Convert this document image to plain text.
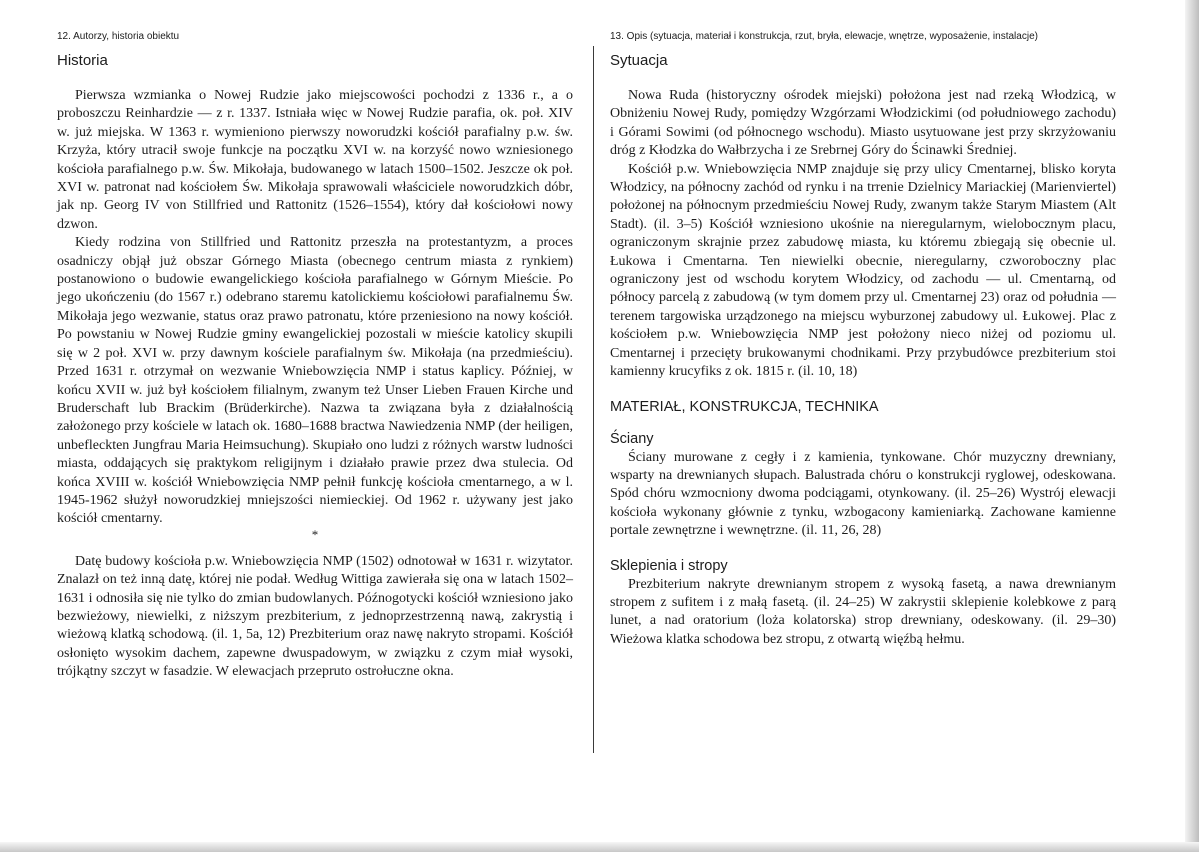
12. Autorzy, historia obiektu
Historia

Pierwsza wzmianka o Nowej Rudzie jako miejscowości pochodzi z 1336 r., a o proboszczu Reinhardzie — z r. 1337. Istniała więc w Nowej Rudzie parafia, ok. poł. XIV w. już miejska. W 1363 r. wymieniono pierwszy noworudzki kościół parafialny p.w. św. Krzyża, który utracił swoje funkcje na początku XVI w. na korzyść nowo wzniesionego kościoła parafialnego p.w. Św. Mikołaja, budowanego w latach 1500–1502. Jeszcze ok poł. XVI w. patronat nad kościołem Św. Mikołaja sprawowali właściciele noworudzkich dóbr, jak np. Georg IV von Stillfried und Rattonitz (1526–1554), który dał kościołowi nowy dzwon.

Kiedy rodzina von Stillfried und Rattonitz przeszła na protestantyzm, a proces osadniczy objął już obszar Górnego Miasta (obecnego centrum miasta z rynkiem) postanowiono o budowie ewangelickiego kościoła parafialnego w Górnym Mieście. Po jego ukończeniu (do 1567 r.) odebrano staremu katolickiemu kościołowi parafialnemu Św. Mikołaja jego wezwanie, status oraz prawo patronatu, które przeniesiono na nowy kościół. Po powstaniu w Nowej Rudzie gminy ewangelickiej pozostali w mieście katolicy skupili się w 2 poł. XVI w. przy dawnym kościele parafialnym św. Mikołaja (na przedmieściu). Przed 1631 r. otrzymał on wezwanie Wniebowzięcia NMP i status kaplicy. Później, w końcu XVII w. już był kościołem filialnym, zwanym też Unser Lieben Frauen Kirche und Bruderschaft lub Brackim (Brüderkirche). Nazwa ta związana była z działalnością założonego przy kościele w latach ok. 1680–1688 bractwa Nawiedzenia NMP (der heiligen, unbefleckten Jungfrau Maria Heimsuchung). Skupiało ono ludzi z różnych warstw ludności miasta, oddających się praktykom religijnym i działało prawie przez dwa stulecia. Od końca XVIII w. kościół Wniebowzięcia NMP pełnił funkcję kościoła cmentarnego, a w l. 1945-1962 służył noworudzkiej mniejszości niemieckiej. Od 1962 r. używany jest jako kościół cmentarny.

*

Datę budowy kościoła p.w. Wniebowzięcia NMP (1502) odnotował w 1631 r. wizytator. Znalazł on też inną datę, której nie podał. Według Wittiga zawierała się ona w latach 1502–1631 i odnosiła się nie tylko do zmian budowlanych. Późnogotycki kościół wzniesiono jako bezwieżowy, niewielki, z niższym prezbiterium, z jednoprzestrzenną nawą, zakrystią i wieżową klatką schodową. (il. 1, 5a, 12) Prezbiterium oraz nawę nakryto stropami. Kościół osłonięto wysokim dachem, zapewne dwuspadowym, w związku z czym miał wysoki, trójkątny szczyt w fasadzie. W elewacjach przepruto ostrołuczne okna.

13. Opis (sytuacja, materiał i konstrukcja, rzut, bryła, elewacje, wnętrze, wyposażenie, instalacje)
Sytuacja

Nowa Ruda (historyczny ośrodek miejski) położona jest nad rzeką Włodzicą, w Obniżeniu Nowej Rudy, pomiędzy Wzgórzami Włodzickimi (od południowego zachodu) i Górami Sowimi (od północnego wschodu). Miasto usytuowane jest przy skrzyżowaniu dróg z Kłodzka do Wałbrzycha i ze Srebrnej Góry do Ścinawki Średniej.

Kościół p.w. Wniebowzięcia NMP znajduje się przy ulicy Cmentarnej, blisko koryta Włodzicy, na północny zachód od rynku i na trrenie Dzielnicy Mariackiej (Marienviertel) położonej na północnym przedmieściu Nowej Rudy, zwanym także Starym Miastem (Alt Stadt). (il. 3–5) Kościół wzniesiono ukośnie na nieregularnym, wielobocznym placu, ograniczonym skrajnie przez zabudowę miasta, ku któremu zbiegają się obecnie ul. Łukowa i Cmentarna. Ten niewielki obecnie, nieregularny, czworoboczny plac ograniczony jest od wschodu korytem Włodzicy, od zachodu — ul. Cmentarną, od północy parcelą z zabudową (w tym domem przy ul. Cmentarnej 23) oraz od południa — terenem targowiska urządzonego na miejscu wyburzonej zabudowy ul. Łukowej. Plac z kościołem p.w. Wniebowzięcia NMP jest położony nieco niżej od poziomu ul. Cmentarnej i przecięty brukowanymi chodnikami. Przy przybudówce prezbiterium stoi kamienny krucyfiks z ok. 1815 r. (il. 10, 18)

MATERIAŁ, KONSTRUKCJA, TECHNIKA
Ściany

Ściany murowane z cegły i z kamienia, tynkowane. Chór muzyczny drewniany, wsparty na drewnianych słupach. Balustrada chóru o konstrukcji ryglowej, odeskowana. Spód chóru wzmocniony dwoma podciągami, otynkowany. (il. 25–26) Wystrój elewacji kościoła wykonany głównie z tynku, wzbogacony kamieniarką. Zachowane kamienne portale zewnętrzne i wewnętrzne. (il. 11, 26, 28)

Sklepienia i stropy

Prezbiterium nakryte drewnianym stropem z wysoką fasetą, a nawa drewnianym stropem z sufitem i z małą fasetą. (il. 24–25) W zakrystii sklepienie kolebkowe z parą lunet, a nad oratorium (loża kolatorska) strop drewniany, odeskowany. (il. 29–30) Wieżowa klatka schodowa bez stropu, z otwartą więźbą hełmu.
